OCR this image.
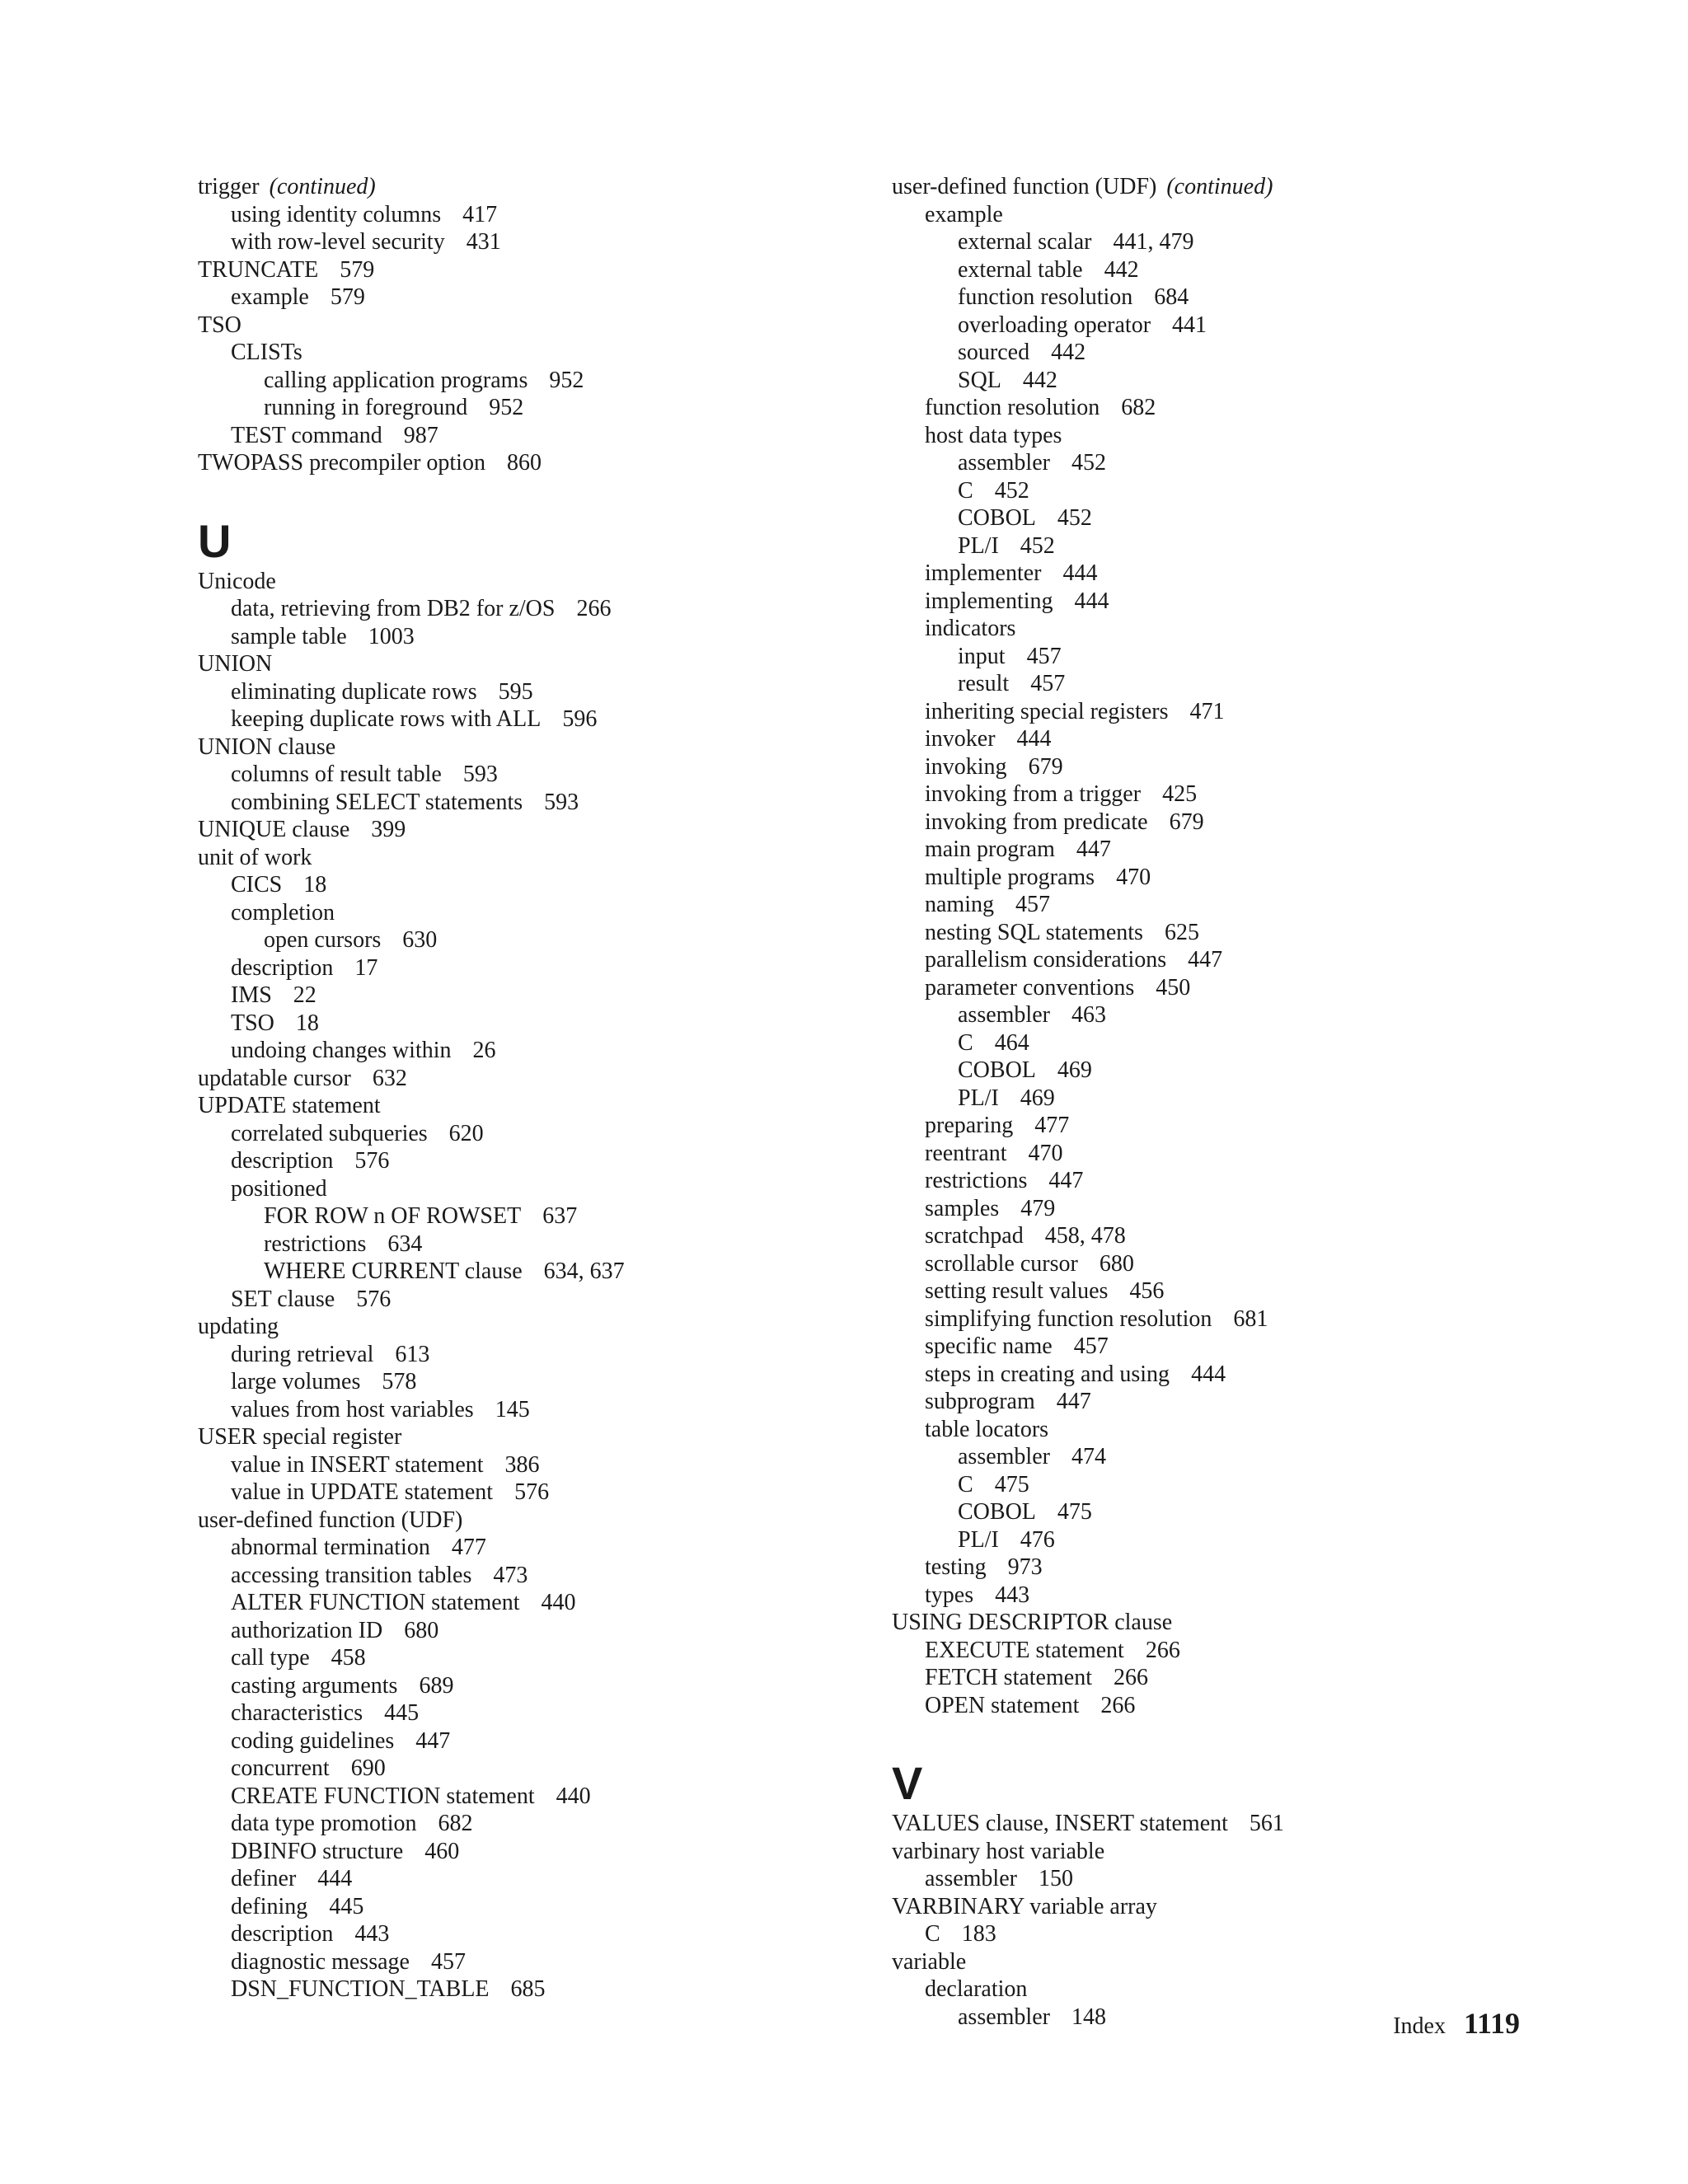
trigger (continued)
using identity columns 417
with row-level security 431
TRUNCATE 579
example 579
TSO
CLISTs
calling application programs 952
running in foreground 952
TEST command 987
TWOPASS precompiler option 860
U
Unicode
data, retrieving from DB2 for z/OS 266
sample table 1003
UNION
eliminating duplicate rows 595
keeping duplicate rows with ALL 596
UNION clause
columns of result table 593
combining SELECT statements 593
UNIQUE clause 399
unit of work
CICS 18
completion
open cursors 630
description 17
IMS 22
TSO 18
undoing changes within 26
updatable cursor 632
UPDATE statement
correlated subqueries 620
description 576
positioned
FOR ROW n OF ROWSET 637
restrictions 634
WHERE CURRENT clause 634, 637
SET clause 576
updating
during retrieval 613
large volumes 578
values from host variables 145
USER special register
value in INSERT statement 386
value in UPDATE statement 576
user-defined function (UDF)
abnormal termination 477
accessing transition tables 473
ALTER FUNCTION statement 440
authorization ID 680
call type 458
casting arguments 689
characteristics 445
coding guidelines 447
concurrent 690
CREATE FUNCTION statement 440
data type promotion 682
DBINFO structure 460
definer 444
defining 445
description 443
diagnostic message 457
DSN_FUNCTION_TABLE 685
user-defined function (UDF) (continued)
example
external scalar 441, 479
external table 442
function resolution 684
overloading operator 441
sourced 442
SQL 442
function resolution 682
host data types
assembler 452
C 452
COBOL 452
PL/I 452
implementer 444
implementing 444
indicators
input 457
result 457
inheriting special registers 471
invoker 444
invoking 679
invoking from a trigger 425
invoking from predicate 679
main program 447
multiple programs 470
naming 457
nesting SQL statements 625
parallelism considerations 447
parameter conventions 450
assembler 463
C 464
COBOL 469
PL/I 469
preparing 477
reentrant 470
restrictions 447
samples 479
scratchpad 458, 478
scrollable cursor 680
setting result values 456
simplifying function resolution 681
specific name 457
steps in creating and using 444
subprogram 447
table locators
assembler 474
C 475
COBOL 475
PL/I 476
testing 973
types 443
USING DESCRIPTOR clause
EXECUTE statement 266
FETCH statement 266
OPEN statement 266
V
VALUES clause, INSERT statement 561
varbinary host variable
assembler 150
VARBINARY variable array
C 183
variable
declaration
assembler 148	Index 1119
